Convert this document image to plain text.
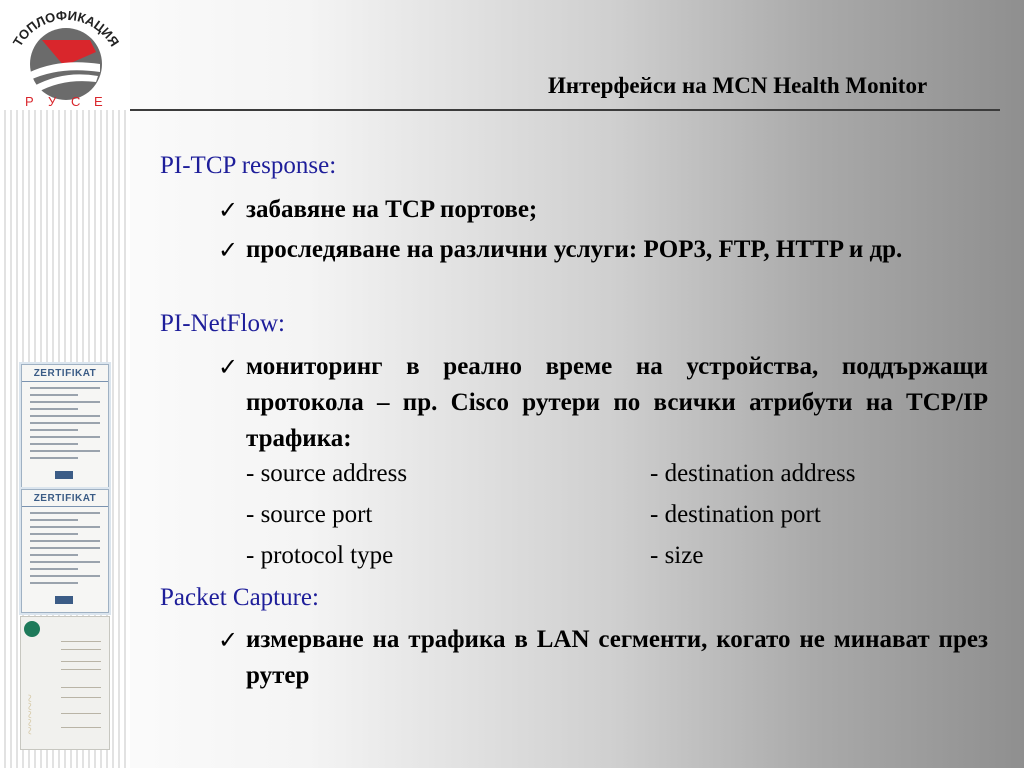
ТОПЛОФИКАЦИЯ
Р У С Е
ZERTIFIKAT
ZERTIFIKAT
~~~~~
Интерфейси на MCN Health Monitor
PI-TCP response:
✓ забавяне на TCP портове;
✓ проследяване на различни услуги: POP3, FTP, HTTP и др.
PI-NetFlow:
✓ мониторинг в реално време на устройства, поддържащи протокола – пр. Cisco рутери по всички атрибути на TCP/IP трафика:
- source address	- destination address
- source port	- destination port
- protocol type	- size
Packet Capture:
✓ измерване на трафика в LAN сегменти, когато не минават през рутер
